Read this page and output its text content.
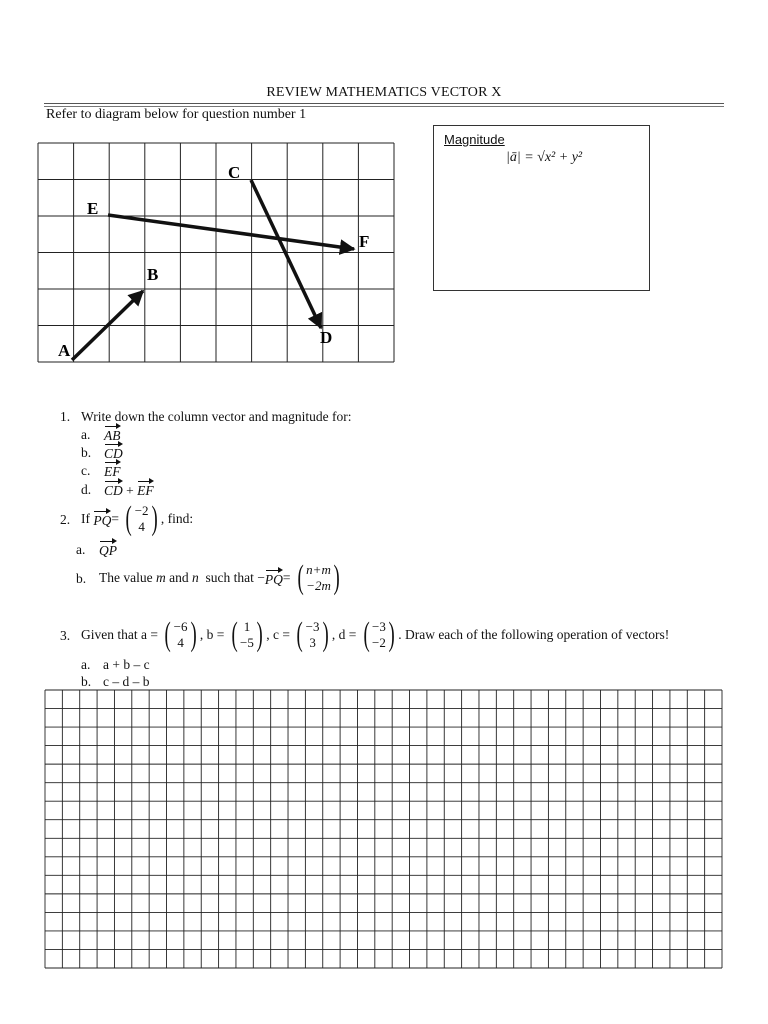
REVIEW MATHEMATICS VECTOR X
Refer to diagram below for question number 1
A
B
C
D
E
F
Magnitude
|ā| = √x² + y²
1. Write down the column vector and magnitude for:
a. AB
b. CD
c. EF
d. CD + EF
2. If
PQ =
( −2
4 ) , find:
a. QP
b. The value
m
and
n
such that − PQ =
( n+m
−2m )
3. Given that a =
( −6
4 ) , b =
( 1
−5 ) , c =
( −3
3 ) , d =
( −3
−2 ) . Draw each of the following operation of vectors!
a. a + b – c
b. c – d – b
